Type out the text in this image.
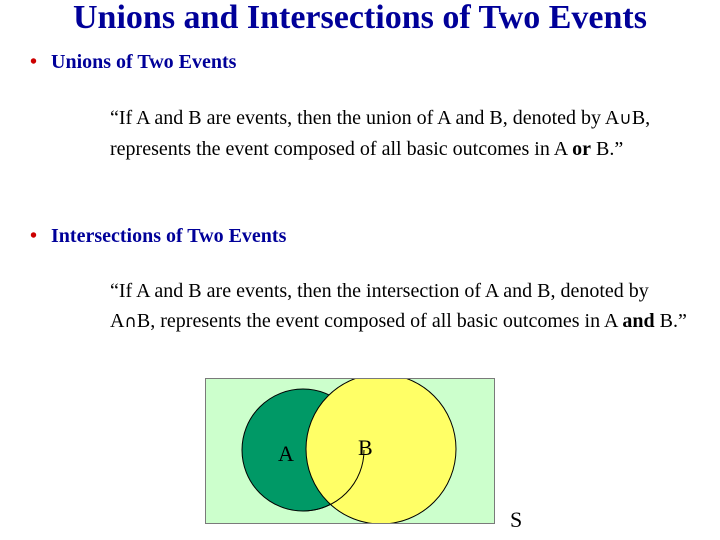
Unions and Intersections of Two Events
• Unions of Two Events
“If A and B are events, then the union of A and B, denoted by A∪B, represents the event composed of all basic outcomes in A or B.”
• Intersections of Two Events
“If A and B are events, then the intersection of A and B, denoted by A∩B, represents the event composed of all basic outcomes in A and B.”
A	B
S
